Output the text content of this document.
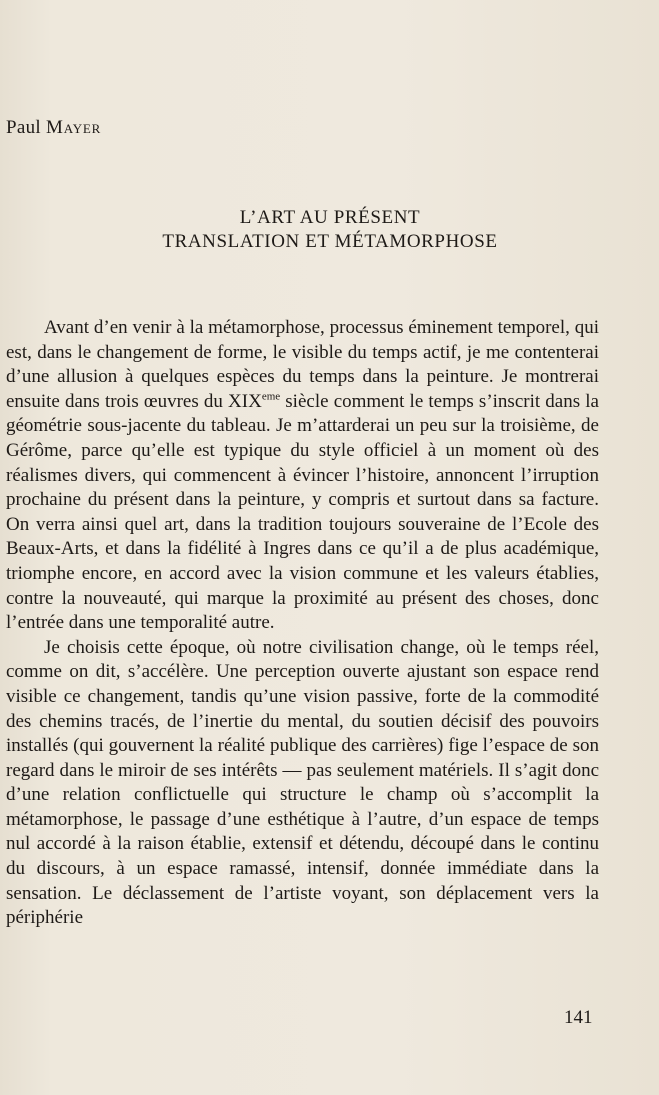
Paul Mayer
L’ART AU PRÉSENT
TRANSLATION ET MÉTAMORPHOSE

Avant d’en venir à la métamorphose, processus éminement temporel, qui est, dans le changement de forme, le visible du temps actif, je me contenterai d’une allusion à quelques espèces du temps dans la peinture. Je montrerai ensuite dans trois œuvres du XIXeme siècle comment le temps s’inscrit dans la géométrie sous-jacente du tableau. Je m’attarderai un peu sur la troisième, de Gérôme, parce qu’elle est typique du style officiel à un moment où des réalismes divers, qui commencent à évincer l’histoire, annoncent l’irruption prochaine du présent dans la peinture, y compris et surtout dans sa facture. On verra ainsi quel art, dans la tradition toujours souveraine de l’Ecole des Beaux-Arts, et dans la fidélité à Ingres dans ce qu’il a de plus académique, triomphe encore, en accord avec la vision commune et les valeurs établies, contre la nouveauté, qui marque la proximité au présent des choses, donc l’entrée dans une temporalité autre.

Je choisis cette époque, où notre civilisation change, où le temps réel, comme on dit, s’accélère. Une perception ouverte ajustant son espace rend visible ce changement, tandis qu’une vision passive, forte de la commodité des chemins tracés, de l’inertie du mental, du soutien décisif des pouvoirs installés (qui gouvernent la réalité publique des carrières) fige l’espace de son regard dans le miroir de ses intérêts — pas seulement matériels. Il s’agit donc d’une relation conflictuelle qui structure le champ où s’accomplit la métamorphose, le passage d’une esthétique à l’autre, d’un espace de temps nul accordé à la raison établie, extensif et détendu, découpé dans le continu du discours, à un espace ramassé, intensif, donnée immédiate dans la sensation. Le déclassement de l’artiste voyant, son déplacement vers la périphérie

141
